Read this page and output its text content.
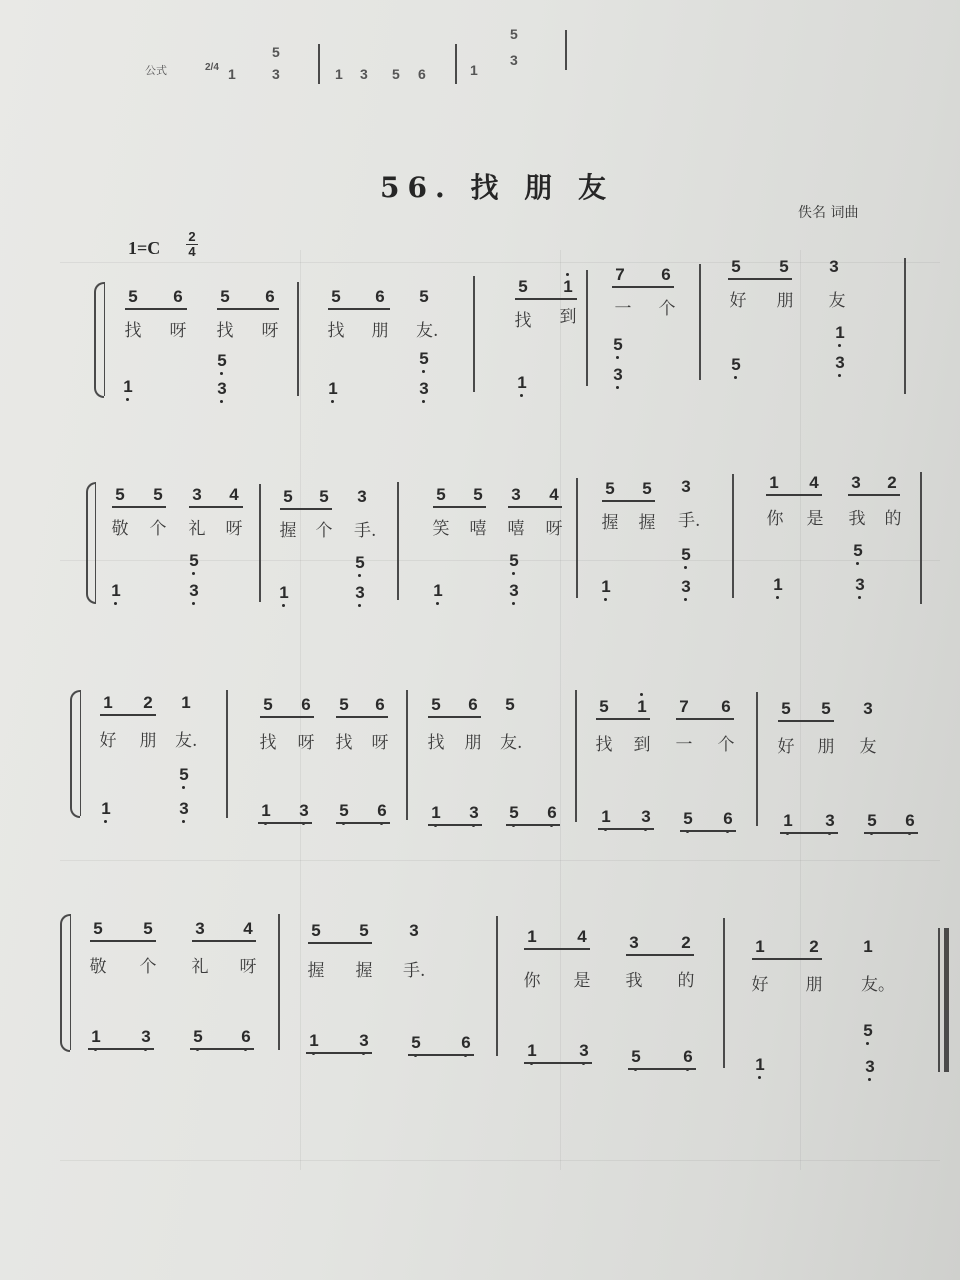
公式	2/4 1
5
3	1 3 5 6	1
5
3
56. 找 朋 友
佚名 词曲
$1=C \frac{2}{4}$
5 6 5 6	5 6 5
5 1
7 6	5 5 3
找 呀 找 呀	找 朋 友.	找 到 一 个	好 朋 友
5
1	3
5
1	3	1
5
3
1
5	3
5 5 3 4	5 5 3	5 5 3 4	5 5 3	1 4 3 2
敬 个 礼 呀 握 个 手.	笑 嘻 嘻 呀 握 握 手.	你 是 我 的
5
1	3
5
1	3
5
1	3
5
1	3
5
1	3
1 2 1	5 6 5 6	5 6 5	5 1 7 6	5 5 3
好 朋 友.	找 呀 找 呀 找 朋 友.	找 到 一 个	好 朋 友
5
1	3	1 3 5 6	1 3 5 6	1 3 5 6	1 3 5 6
5 5	3 4	5 5 3	1 4	3	2	1	2	1
敬 个 礼 呀	握 握 手.	你 是 我 的	好 朋 友。
1 3	5 6	1 3	5 6	1	3	5	6
5
1	3
